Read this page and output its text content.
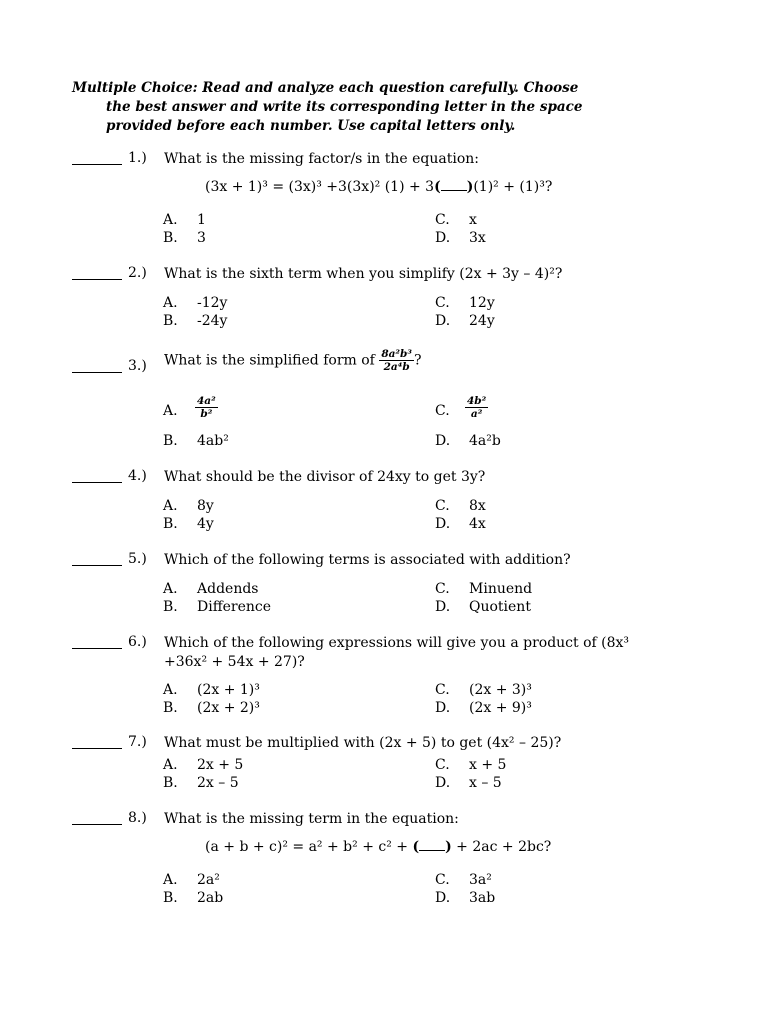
Multiple Choice: Read and analyze each question carefully. Choose
the best answer and write its corresponding letter in the space
provided before each number. Use capital letters only.
1.) What is the missing factor/s in the equation:
(3x + 1)³ = (3x)³ +3(3x)² (1) + 3( )(1)² + (1)³?
A. 1	C. x
B. 3	D. 3x
2.) What is the sixth term when you simplify (2x + 3y – 4)²?
A. -12y	C. 12y
B. -24y	D. 24y
3.) What is the simplified form of $\frac{\text{8a²b³}}{\text{2a⁴b}}$ ?
A. $\frac{\text{4a²}}{\text{b²}}$	C. $\frac{\text{4b²}}{\text{a²}}$
B. 4ab²	D. 4a²b
4.) What should be the divisor of 24xy to get 3y?
A. 8y	C. 8x
B. 4y	D. 4x
5.) Which of the following terms is associated with addition?
A. Addends	C. Minuend
B. Difference	D. Quotient
6.) Which of the following expressions will give you a product of (8x³
+36x² + 54x + 27)?
A. (2x + 1)³	C. (2x + 3)³
B. (2x + 2)³	D. (2x + 9)³
7.) What must be multiplied with (2x + 5) to get (4x² – 25)?
A. 2x + 5	C. x + 5
B. 2x – 5	D. x – 5
8.) What is the missing term in the equation:
(a + b + c)² = a² + b² + c² + ( ) + 2ac + 2bc?
A. 2a²	C. 3a²
B. 2ab	D. 3ab
